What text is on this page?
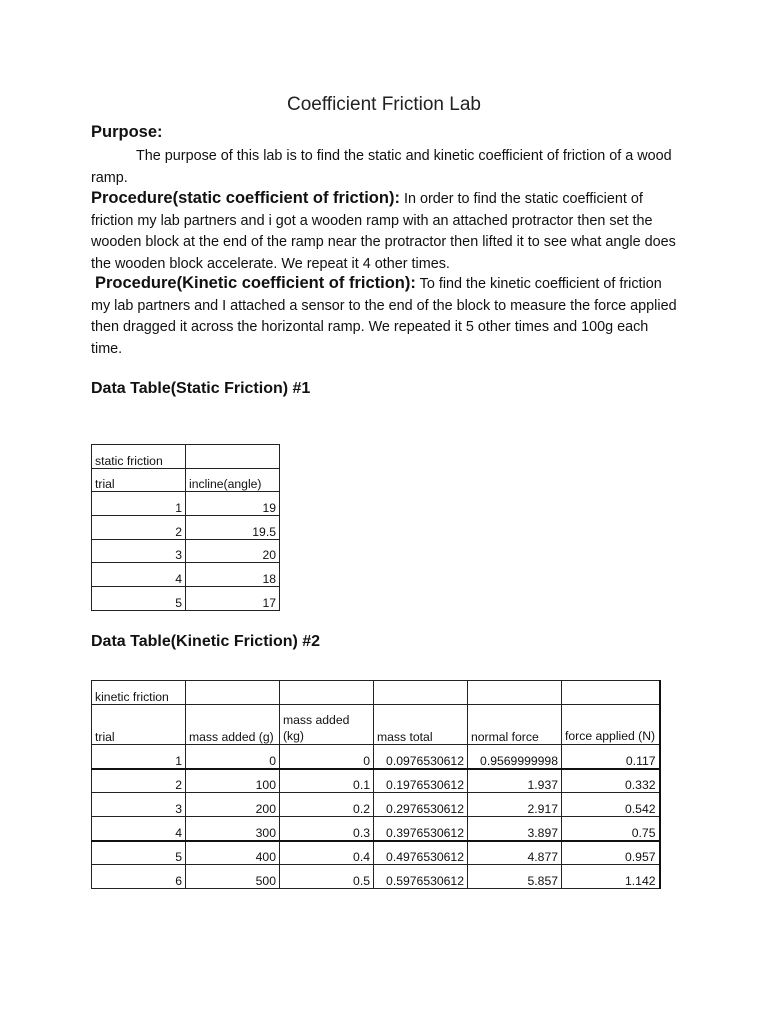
Coefficient Friction Lab
Purpose:
The purpose of this lab is to find the static and kinetic coefficient of friction of a wood ramp.
Procedure(static coefficient of friction): In order to find the static coefficient of friction my lab partners and i got a wooden ramp with an attached protractor then set the wooden block at the end of the ramp near the protractor then lifted it to see what angle does the wooden block accelerate. We repeat it 4 other times.
Procedure(Kinetic coefficient of friction): To find the kinetic coefficient of friction my lab partners and I attached a sensor to the end of the block to measure the force applied then dragged it across the horizontal ramp. We repeated it 5 other times and 100g each time.
Data Table(Static Friction) #1
static friction	
trial	incline(angle)
1	19
2	19.5
3	20
4	18
5	17
Data Table(Kinetic Friction) #2
kinetic friction					
trial	mass added (g)	mass added (kg)	mass total	normal force	force applied (N)
1	0	0	0.0976530612	0.9569999998	0.117
2	100	0.1	0.1976530612	1.937	0.332
3	200	0.2	0.2976530612	2.917	0.542
4	300	0.3	0.3976530612	3.897	0.75
5	400	0.4	0.4976530612	4.877	0.957
6	500	0.5	0.5976530612	5.857	1.142
